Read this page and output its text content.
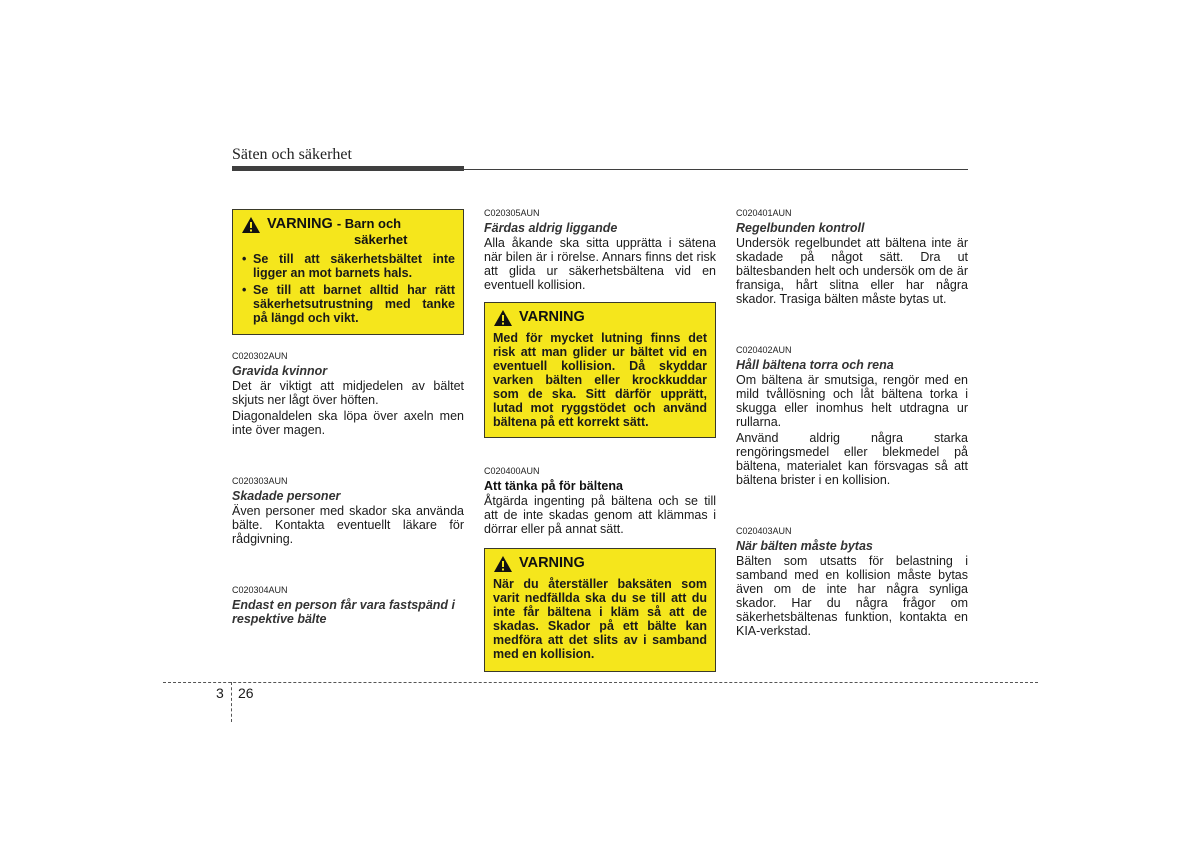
Säten och säkerhet
VARNING - Barn och
säkerhet
• Se till att säkerhetsbältet inte ligger an mot barnets hals.
• Se till att barnet alltid har rätt säkerhetsutrustning med tanke på längd och vikt.
C020302AUN
Gravida kvinnor

Det är viktigt att midjedelen av bältet skjuts ner lågt över höften.

Diagonaldelen ska löpa över axeln men inte över magen.

C020303AUN
Skadade personer

Även personer med skador ska använda bälte. Kontakta eventuellt läkare för rådgivning.

C020304AUN
Endast en person får vara fastspänd i respektive bälte
C020305AUN
Färdas aldrig liggande

Alla åkande ska sitta upprätta i sätena när bilen är i rörelse. Annars finns det risk att glida ur säkerhetsbältena vid en eventuell kollision.

VARNING

Med för mycket lutning finns det risk att man glider ur bältet vid en eventuell kollision. Då skyddar varken bälten eller krockkuddar som de ska. Sitt därför upprätt, lutad mot ryggstödet och använd bältena på ett korrekt sätt.

C020400AUN
Att tänka på för bältena

Åtgärda ingenting på bältena och se till att de inte skadas genom att klämmas i dörrar eller på annat sätt.

VARNING

När du återställer baksäten som varit nedfällda ska du se till att du inte får bältena i kläm så att de skadas. Skador på ett bälte kan medföra att det slits av i samband med en kollision.

C020401AUN
Regelbunden kontroll

Undersök regelbundet att bältena inte är skadade på något sätt. Dra ut bältesbanden helt och undersök om de är fransiga, hårt slitna eller har några skador. Trasiga bälten måste bytas ut.

C020402AUN
Håll bältena torra och rena

Om bältena är smutsiga, rengör med en mild tvållösning och låt bältena torka i skugga eller inomhus helt utdragna ur rullarna.

Använd aldrig några starka rengöringsmedel eller blekmedel på bältena, materialet kan försvagas så att bältena brister i en kollision.

C020403AUN
När bälten måste bytas

Bälten som utsatts för belastning i samband med en kollision måste bytas även om de inte har några synliga skador. Har du några frågor om säkerhetsbältenas funktion, kontakta en KIA-verkstad.

3 26
